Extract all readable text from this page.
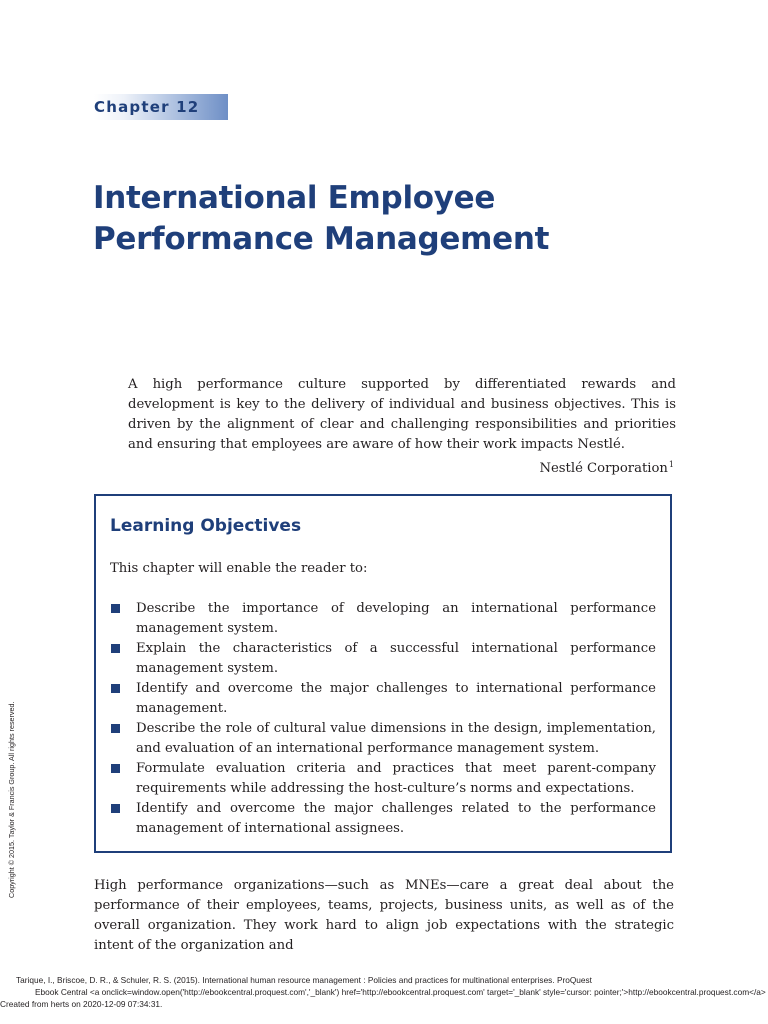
Chapter 12
International Employee
Performance Management

A high performance culture supported by differentiated rewards and development is key to the delivery of individual and business objectives. This is driven by the alignment of clear and challenging responsibilities and priorities and ensuring that employees are aware of how their work impacts Nestlé.

Nestlé Corporation$^1$
Learning Objectives
This chapter will enable the reader to:
Describe the importance of developing an international performance management system.
Explain the characteristics of a successful international performance management system.
Identify and overcome the major challenges to international performance management.
Describe the role of cultural value dimensions in the design, implementation, and evaluation of an international performance management system.
Formulate evaluation criteria and practices that meet parent-company requirements while addressing the host-culture’s norms and expectations.
Identify and overcome the major challenges related to the performance management of international assignees.

High performance organizations—such as MNEs—care a great deal about the performance of their employees, teams, projects, business units, as well as of the overall organization. They work hard to align job expectations with the strategic intent of the organization and

Copyright © 2015. Taylor & Francis Group. All rights reserved.
Tarique, I., Briscoe, D. R., & Schuler, R. S. (2015). International human resource management : Policies and practices for multinational enterprises. ProQuest
Ebook Central <a onclick=window.open('http://ebookcentral.proquest.com','_blank') href='http://ebookcentral.proquest.com' target='_blank' style='cursor: pointer;'>http://ebookcentral.proquest.com</a>
Created from herts on 2020-12-09 07:34:31.
